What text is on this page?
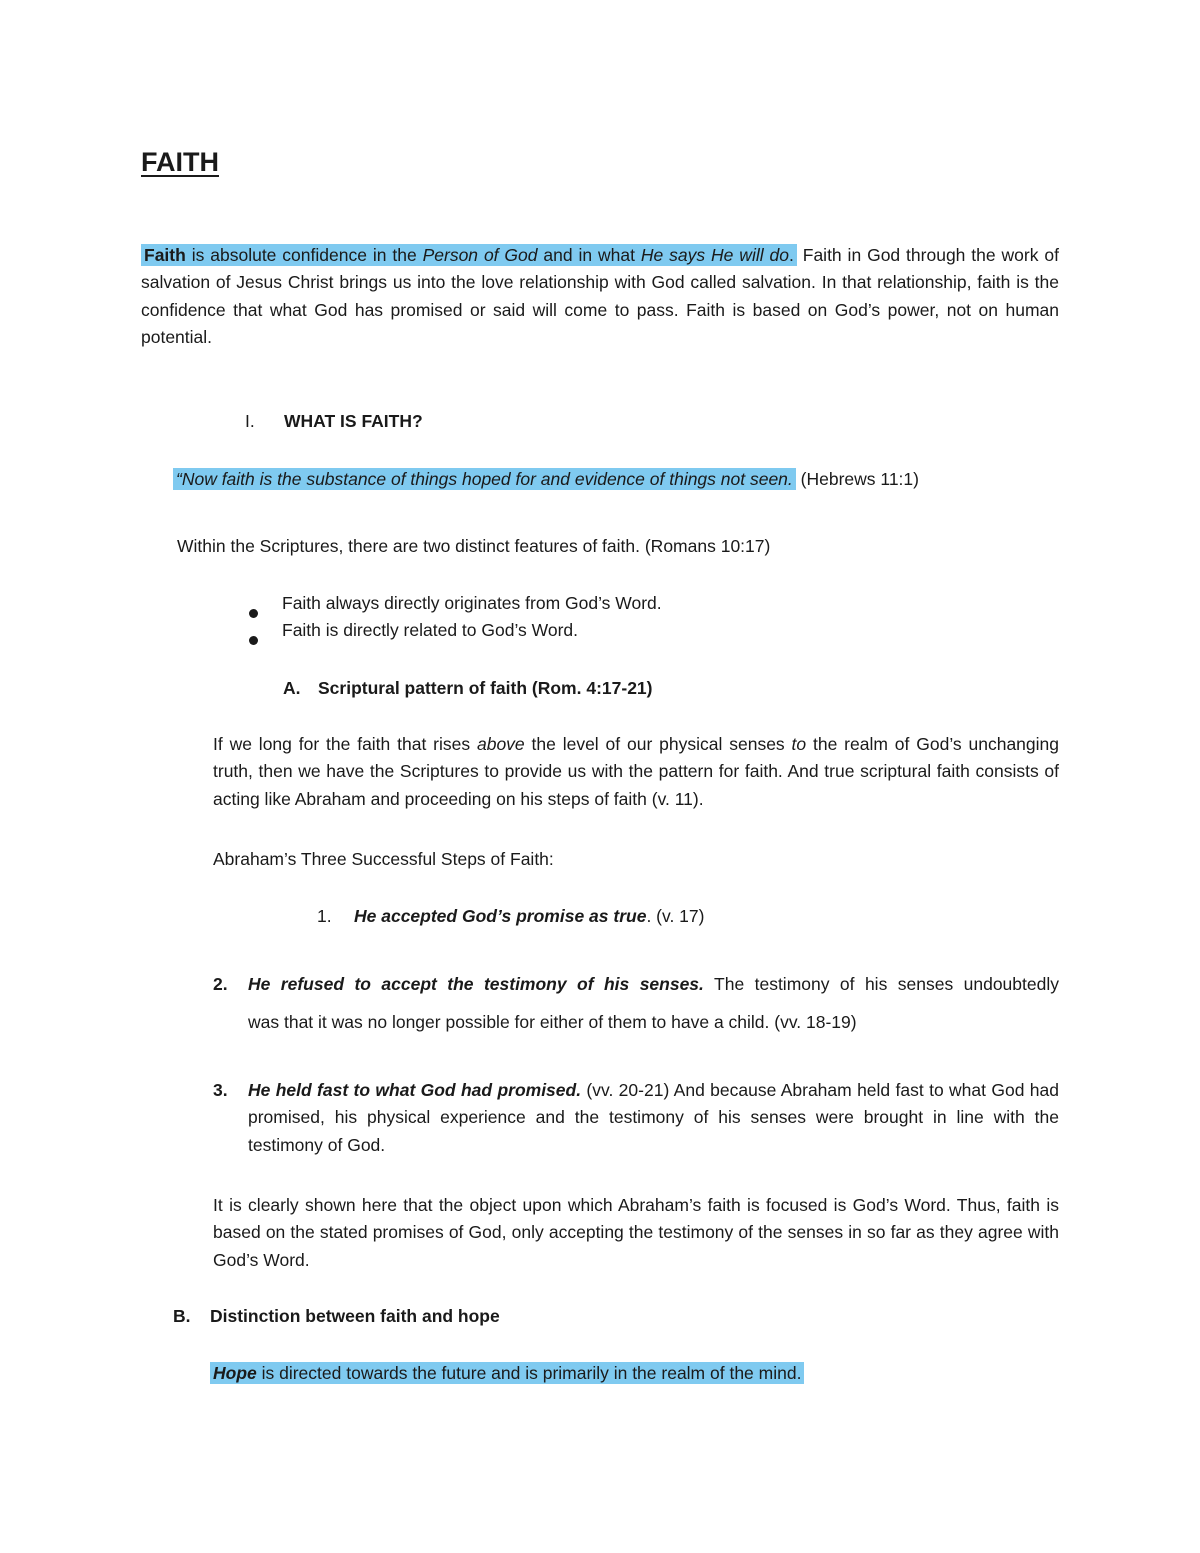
FAITH

Faith is absolute confidence in the Person of God and in what He says He will do. Faith in God through the work of salvation of Jesus Christ brings us into the love relationship with God called salvation. In that relationship, faith is the confidence that what God has promised or said will come to pass. Faith is based on God’s power, not on human potential.

I. WHAT IS FAITH?
“Now faith is the substance of things hoped for and evidence of things not seen. (Hebrews 11:1)
Within the Scriptures, there are two distinct features of faith. (Romans 10:17)
Faith always directly originates from God’s Word.
Faith is directly related to God’s Word.
A. Scriptural pattern of faith (Rom. 4:17-21)

If we long for the faith that rises above the level of our physical senses to the realm of God’s unchanging truth, then we have the Scriptures to provide us with the pattern for faith. And true scriptural faith consists of acting like Abraham and proceeding on his steps of faith (v. 11).

Abraham’s Three Successful Steps of Faith:
1. He accepted God’s promise as true. (v. 17)
2. He refused to accept the testimony of his senses. The testimony of his senses undoubtedly
was that it was no longer possible for either of them to have a child. (vv. 18-19)
3. He held fast to what God had promised. (vv. 20-21) And because Abraham held fast to what God had promised, his physical experience and the testimony of his senses were brought in line with the testimony of God.

It is clearly shown here that the object upon which Abraham’s faith is focused is God’s Word. Thus, faith is based on the stated promises of God, only accepting the testimony of the senses in so far as they agree with God’s Word.

B. Distinction between faith and hope
Hope is directed towards the future and is primarily in the realm of the mind.
